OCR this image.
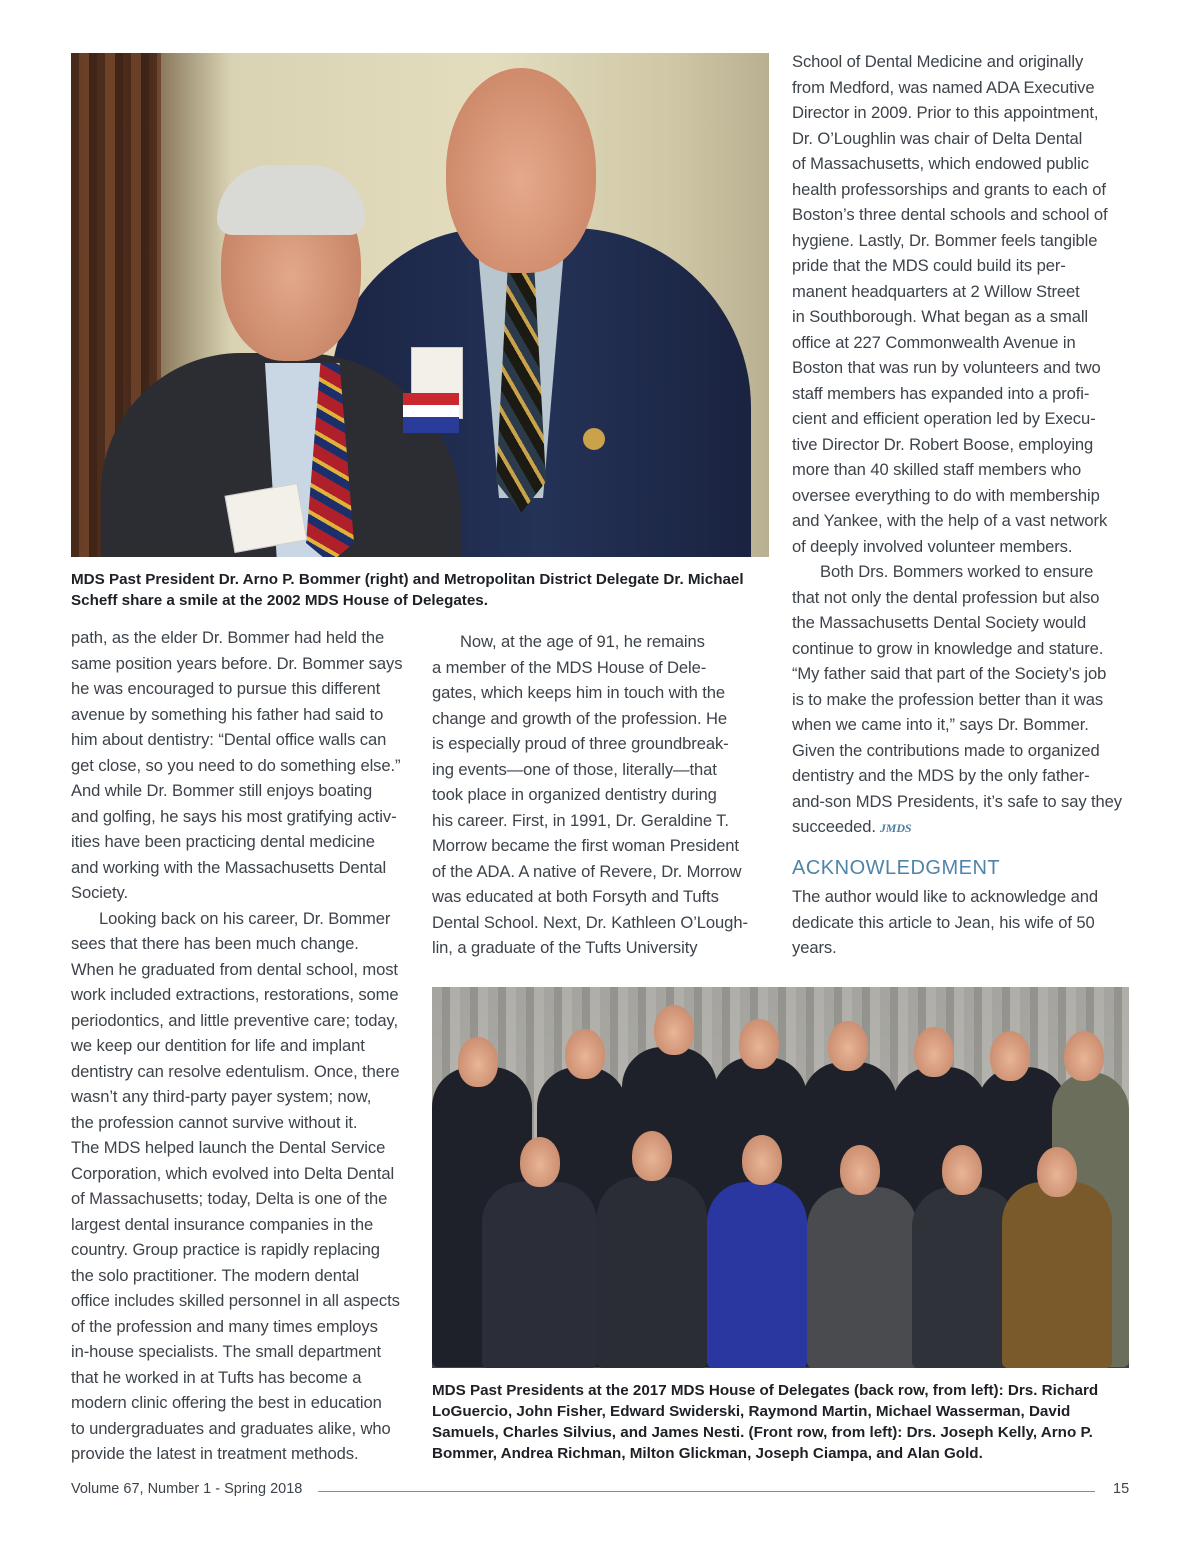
MDS Past President Dr. Arno P. Bommer (right) and Metropolitan District Delegate Dr. Michael
Scheff share a smile at the 2002 MDS House of Delegates.

path, as the elder Dr. Bommer had held the
same position years before. Dr. Bommer says
he was encouraged to pursue this different
avenue by something his father had said to
him about dentistry: “Dental office walls can
get close, so you need to do something else.”
And while Dr. Bommer still enjoys boating
and golfing, he says his most gratifying activ-
ities have been practicing dental medicine
and working with the Massachusetts Dental
Society.

Looking back on his career, Dr. Bommer
sees that there has been much change.
When he graduated from dental school, most
work included extractions, restorations, some
periodontics, and little preventive care; today,
we keep our dentition for life and implant
dentistry can resolve edentulism. Once, there
wasn’t any third-party payer system; now,
the profession cannot survive without it.
The MDS helped launch the Dental Service
Corporation, which evolved into Delta Dental
of Massachusetts; today, Delta is one of the
largest dental insurance companies in the
country. Group practice is rapidly replacing
the solo practitioner. The modern dental
office includes skilled personnel in all aspects
of the profession and many times employs
in-house specialists. The small department
that he worked in at Tufts has become a
modern clinic offering the best in education
to undergraduates and graduates alike, who
provide the latest in treatment methods.

Now, at the age of 91, he remains
a member of the MDS House of Dele-
gates, which keeps him in touch with the
change and growth of the profession. He
is especially proud of three groundbreak-
ing events—one of those, literally—that
took place in organized dentistry during
his career. First, in 1991, Dr. Geraldine T.
Morrow became the first woman President
of the ADA. A native of Revere, Dr. Morrow
was educated at both Forsyth and Tufts
Dental School. Next, Dr. Kathleen O’Lough-
lin, a graduate of the Tufts University

School of Dental Medicine and originally
from Medford, was named ADA Executive
Director in 2009. Prior to this appointment,
Dr. O’Loughlin was chair of Delta Dental
of Massachusetts, which endowed public
health professorships and grants to each of
Boston’s three dental schools and school of
hygiene. Lastly, Dr. Bommer feels tangible
pride that the MDS could build its per-
manent headquarters at 2 Willow Street
in Southborough. What began as a small
office at 227 Commonwealth Avenue in
Boston that was run by volunteers and two
staff members has expanded into a profi-
cient and efficient operation led by Execu-
tive Director Dr. Robert Boose, employing
more than 40 skilled staff members who
oversee everything to do with membership
and Yankee, with the help of a vast network
of deeply involved volunteer members.

Both Drs. Bommers worked to ensure
that not only the dental profession but also
the Massachusetts Dental Society would
continue to grow in knowledge and stature.
“My father said that part of the Society’s job
is to make the profession better than it was
when we came into it,” says Dr. Bommer.
Given the contributions made to organized
dentistry and the MDS by the only father-
and-son MDS Presidents, it’s safe to say they
succeeded. JMDS

ACKNOWLEDGMENT
The author would like to acknowledge and
dedicate this article to Jean, his wife of 50
years.
MDS Past Presidents at the 2017 MDS House of Delegates (back row, from left): Drs. Richard
LoGuercio, John Fisher, Edward Swiderski, Raymond Martin, Michael Wasserman, David
Samuels, Charles Silvius, and James Nesti. (Front row, from left): Drs. Joseph Kelly, Arno P.
Bommer, Andrea Richman, Milton Glickman, Joseph Ciampa, and Alan Gold.
Volume 67, Number 1 - Spring 2018	15
